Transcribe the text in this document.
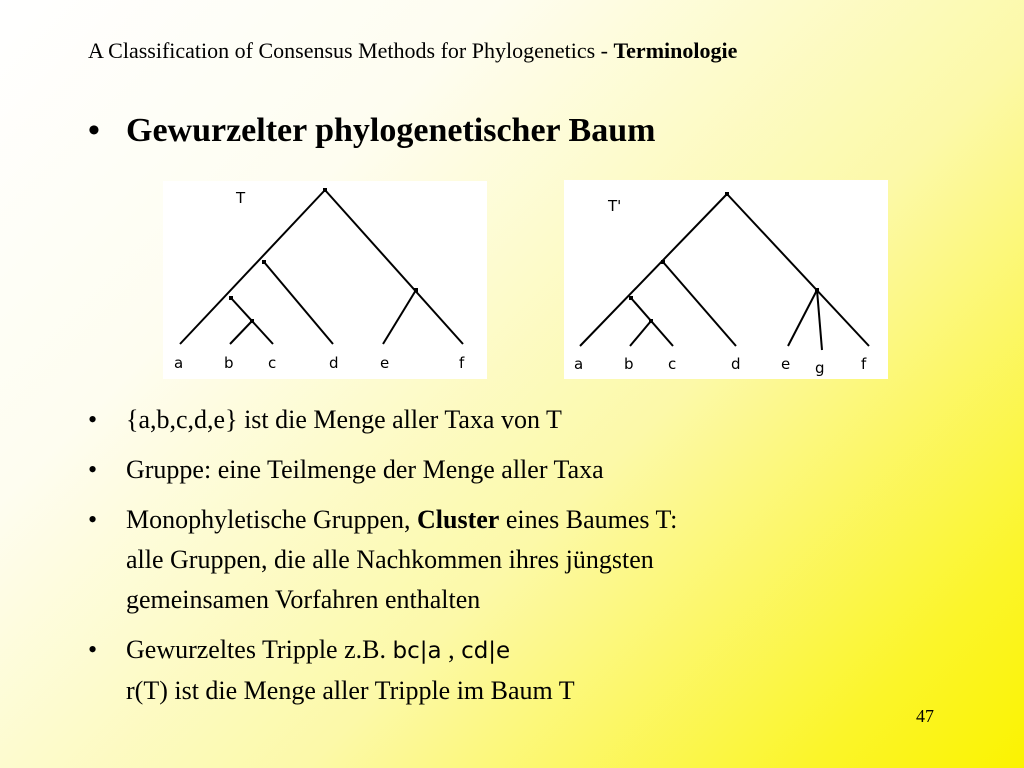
A Classification of Consensus Methods for Phylogenetics - Terminologie
• Gewurzelter phylogenetischer Baum
T
a	b c	d	e	f
T'
a	b c	d	e g f
•	{a,b,c,d,e} ist die Menge aller Taxa von T
•	Gruppe: eine Teilmenge der Menge aller Taxa
•	Monophyletische Gruppen, Cluster eines Baumes T:
alle Gruppen, die alle Nachkommen ihres jüngsten
gemeinsamen Vorfahren enthalten
•	Gewurzeltes Tripple z.B. bc|a , cd|e
r(T) ist die Menge aller Tripple im Baum T
47
